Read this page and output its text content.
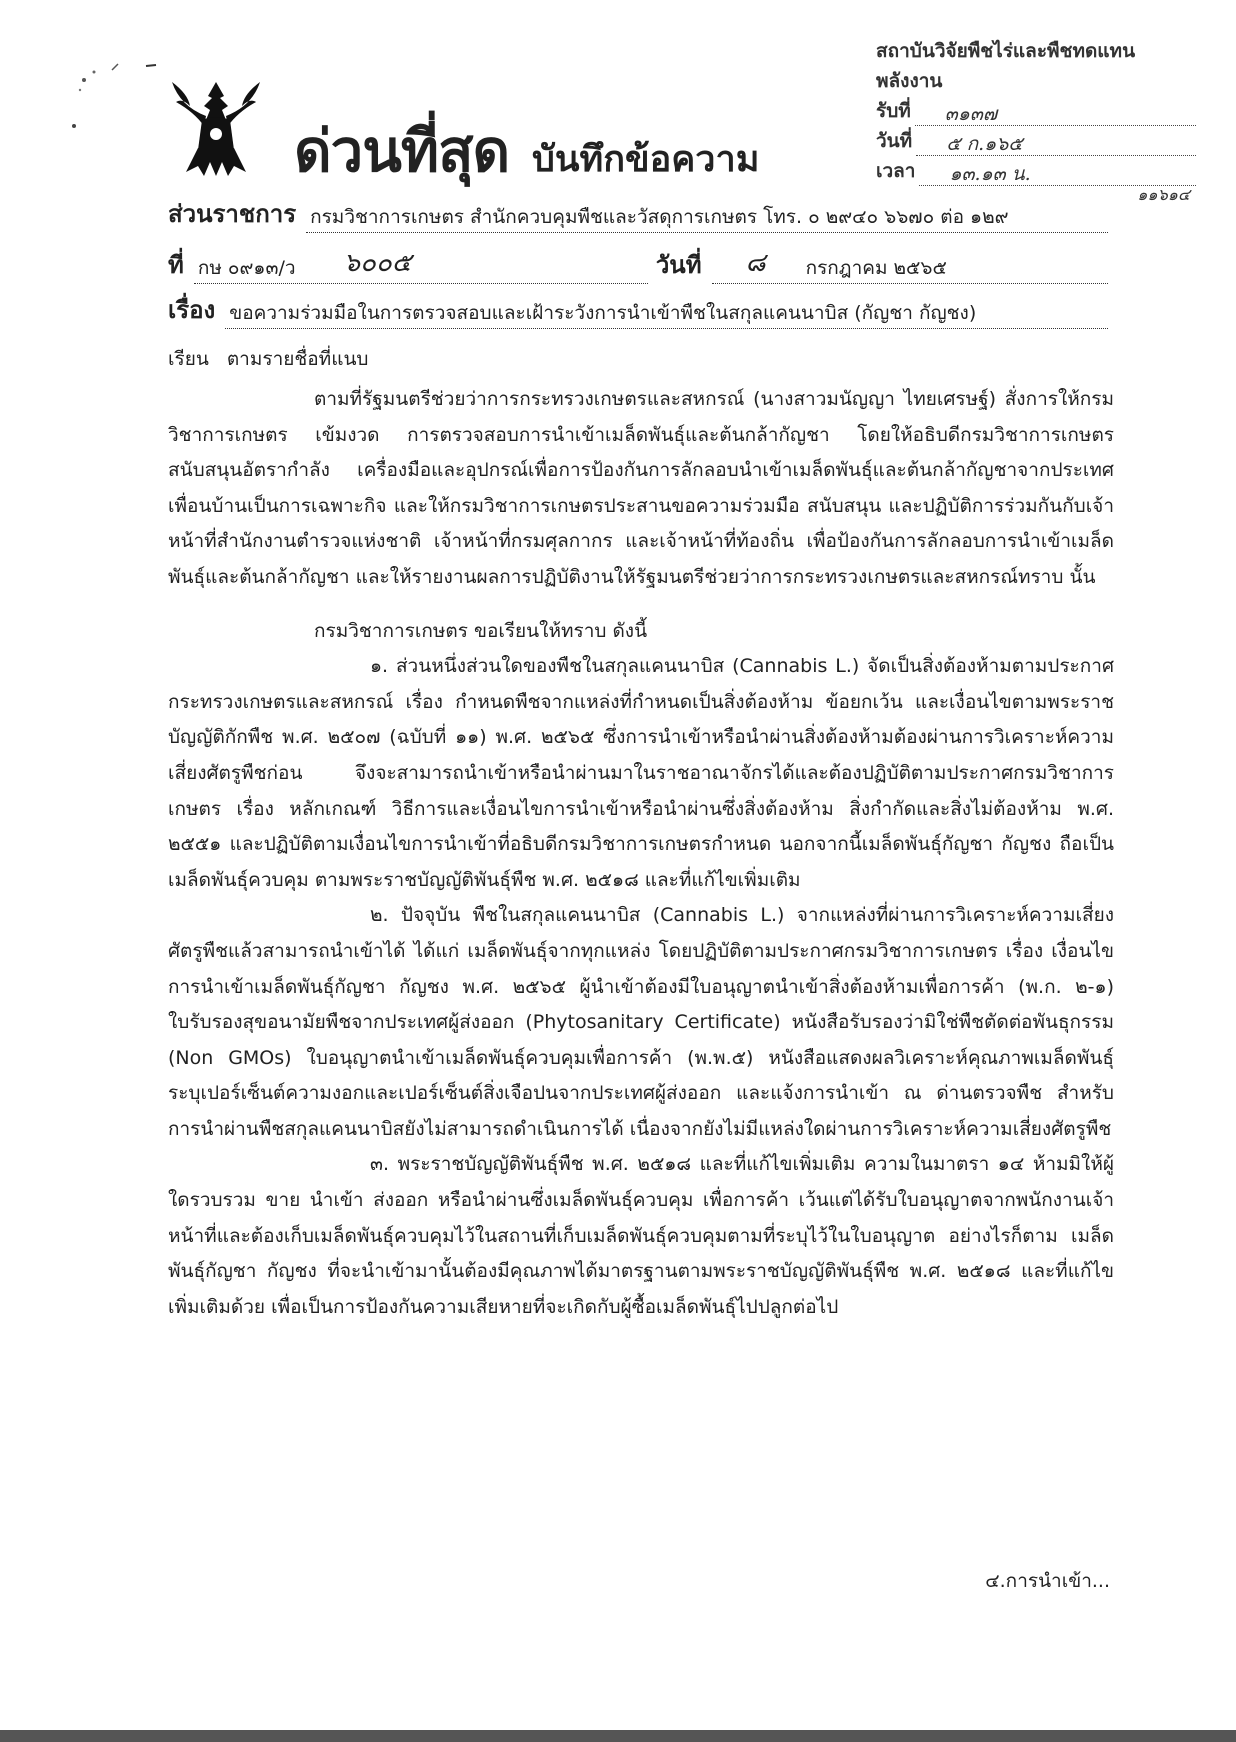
สถาบันวิจัยพืชไร่และพืชทดแทนพลังงาน
รับที่	๓๑๓๗
วันที่	๕ ก.๑๖๕
เวลา	๑๓.๑๓ น.
๑๑๖๑๔
ด่วนที่สุด บันทึกข้อความ
ส่วนราชการ กรมวิชาการเกษตร สำนักควบคุมพืชและวัสดุการเกษตร โทร. ๐ ๒๙๔๐ ๖๖๗๐ ต่อ ๑๒๙
ที่ กษ ๐๙๑๓/ว ๖๐๐๕	วันที่ ๘ กรกฎาคม ๒๕๖๕
เรื่อง ขอความร่วมมือในการตรวจสอบและเฝ้าระวังการนำเข้าพืชในสกุลแคนนาบิส (กัญชา กัญชง)
เรียน ตามรายชื่อที่แนบ

ตามที่รัฐมนตรีช่วยว่าการกระทรวงเกษตรและสหกรณ์ (นางสาวมนัญญา ไทยเศรษฐ์) สั่งการให้กรมวิชาการเกษตร เข้มงวด การตรวจสอบการนำเข้าเมล็ดพันธุ์และต้นกล้ากัญชา โดยให้อธิบดีกรมวิชาการเกษตรสนับสนุนอัตรากำลัง เครื่องมือและอุปกรณ์เพื่อการป้องกันการลักลอบนำเข้าเมล็ดพันธุ์และต้นกล้ากัญชาจากประเทศเพื่อนบ้านเป็นการเฉพาะกิจ และให้กรมวิชาการเกษตรประสานขอความร่วมมือ สนับสนุน และปฏิบัติการร่วมกันกับเจ้าหน้าที่สำนักงานตำรวจแห่งชาติ เจ้าหน้าที่กรมศุลกากร และเจ้าหน้าที่ท้องถิ่น เพื่อป้องกันการลักลอบการนำเข้าเมล็ดพันธุ์และต้นกล้ากัญชา และให้รายงานผลการปฏิบัติงานให้รัฐมนตรีช่วยว่าการกระทรวงเกษตรและสหกรณ์ทราบ นั้น

กรมวิชาการเกษตร ขอเรียนให้ทราบ ดังนี้

๑. ส่วนหนึ่งส่วนใดของพืชในสกุลแคนนาบิส (Cannabis L.) จัดเป็นสิ่งต้องห้ามตามประกาศกระทรวงเกษตรและสหกรณ์ เรื่อง กำหนดพืชจากแหล่งที่กำหนดเป็นสิ่งต้องห้าม ข้อยกเว้น และเงื่อนไขตามพระราชบัญญัติกักพืช พ.ศ. ๒๕๐๗ (ฉบับที่ ๑๑) พ.ศ. ๒๕๖๕ ซึ่งการนำเข้าหรือนำผ่านสิ่งต้องห้ามต้องผ่านการวิเคราะห์ความเสี่ยงศัตรูพืชก่อน จึงจะสามารถนำเข้าหรือนำผ่านมาในราชอาณาจักรได้และต้องปฏิบัติตามประกาศกรมวิชาการเกษตร เรื่อง หลักเกณฑ์ วิธีการและเงื่อนไขการนำเข้าหรือนำผ่านซึ่งสิ่งต้องห้าม สิ่งกำกัดและสิ่งไม่ต้องห้าม พ.ศ. ๒๕๕๑ และปฏิบัติตามเงื่อนไขการนำเข้าที่อธิบดีกรมวิชาการเกษตรกำหนด นอกจากนี้เมล็ดพันธุ์กัญชา กัญชง ถือเป็นเมล็ดพันธุ์ควบคุม ตามพระราชบัญญัติพันธุ์พืช พ.ศ. ๒๕๑๘ และที่แก้ไขเพิ่มเติม

๒. ปัจจุบัน พืชในสกุลแคนนาบิส (Cannabis L.) จากแหล่งที่ผ่านการวิเคราะห์ความเสี่ยงศัตรูพืชแล้วสามารถนำเข้าได้ ได้แก่ เมล็ดพันธุ์จากทุกแหล่ง โดยปฏิบัติตามประกาศกรมวิชาการเกษตร เรื่อง เงื่อนไขการนำเข้าเมล็ดพันธุ์กัญชา กัญชง พ.ศ. ๒๕๖๕ ผู้นำเข้าต้องมีใบอนุญาตนำเข้าสิ่งต้องห้ามเพื่อการค้า (พ.ก. ๒-๑) ใบรับรองสุขอนามัยพืชจากประเทศผู้ส่งออก (Phytosanitary Certificate) หนังสือรับรองว่ามิใช่พืชตัดต่อพันธุกรรม (Non GMOs) ใบอนุญาตนำเข้าเมล็ดพันธุ์ควบคุมเพื่อการค้า (พ.พ.๕) หนังสือแสดงผลวิเคราะห์คุณภาพเมล็ดพันธุ์ ระบุเปอร์เซ็นต์ความงอกและเปอร์เซ็นต์สิ่งเจือปนจากประเทศผู้ส่งออก และแจ้งการนำเข้า ณ ด่านตรวจพืช สำหรับการนำผ่านพืชสกุลแคนนาบิสยังไม่สามารถดำเนินการได้ เนื่องจากยังไม่มีแหล่งใดผ่านการวิเคราะห์ความเสี่ยงศัตรูพืช

๓. พระราชบัญญัติพันธุ์พืช พ.ศ. ๒๕๑๘ และที่แก้ไขเพิ่มเติม ความในมาตรา ๑๔ ห้ามมิให้ผู้ใดรวบรวม ขาย นำเข้า ส่งออก หรือนำผ่านซึ่งเมล็ดพันธุ์ควบคุม เพื่อการค้า เว้นแต่ได้รับใบอนุญาตจากพนักงานเจ้าหน้าที่และต้องเก็บเมล็ดพันธุ์ควบคุมไว้ในสถานที่เก็บเมล็ดพันธุ์ควบคุมตามที่ระบุไว้ในใบอนุญาต อย่างไรก็ตาม เมล็ดพันธุ์กัญชา กัญชง ที่จะนำเข้ามานั้นต้องมีคุณภาพได้มาตรฐานตามพระราชบัญญัติพันธุ์พืช พ.ศ. ๒๕๑๘ และที่แก้ไขเพิ่มเติมด้วย เพื่อเป็นการป้องกันความเสียหายที่จะเกิดกับผู้ซื้อเมล็ดพันธุ์ไปปลูกต่อไป

๔.การนำเข้า...
